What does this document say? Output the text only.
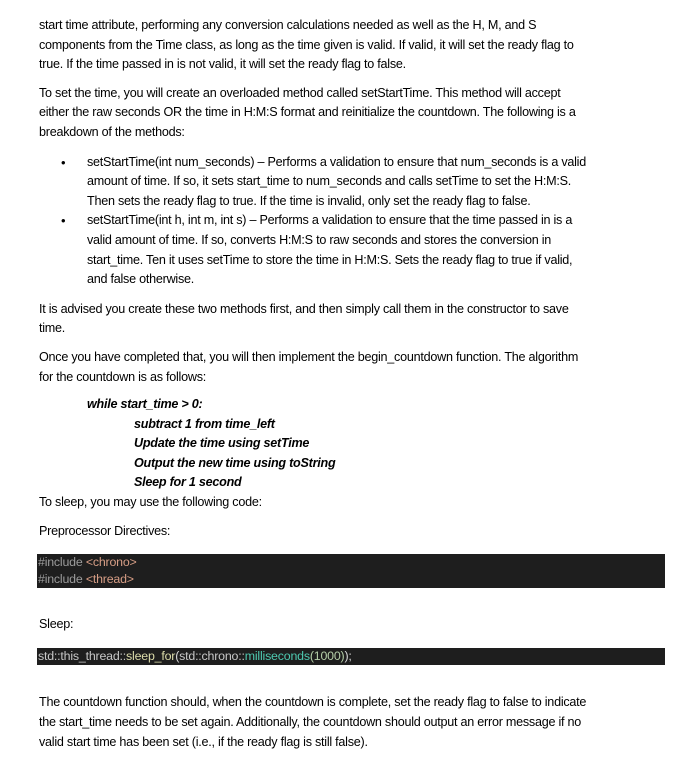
start time attribute, performing any conversion calculations needed as well as the H, M, and S
components from the Time class, as long as the time given is valid. If valid, it will set the ready flag to
true. If the time passed in is not valid, it will set the ready flag to false.

To set the time, you will create an overloaded method called setStartTime. This method will accept
either the raw seconds OR the time in H:M:S format and reinitialize the countdown. The following is a
breakdown of the methods:

• setStartTime(int num_seconds) – Performs a validation to ensure that num_seconds is a valid
amount of time. If so, it sets start_time to num_seconds and calls setTime to set the H:M:S.
Then sets the ready flag to true. If the time is invalid, only set the ready flag to false.
• setStartTime(int h, int m, int s) – Performs a validation to ensure that the time passed in is a
valid amount of time. If so, converts H:M:S to raw seconds and stores the conversion in
start_time. Ten it uses setTime to store the time in H:M:S. Sets the ready flag to true if valid,
and false otherwise.

It is advised you create these two methods first, and then simply call them in the constructor to save
time.

Once you have completed that, you will then implement the begin_countdown function. The algorithm
for the countdown is as follows:

while start_time > 0:
subtract 1 from time_left
Update the time using setTime
Output the new time using toString
Sleep for 1 second

To sleep, you may use the following code:

Preprocessor Directives:

#include <chrono>
#include <thread>

Sleep:

std::this_thread::sleep_for(std::chrono::milliseconds(1000));

The countdown function should, when the countdown is complete, set the ready flag to false to indicate
the start_time needs to be set again. Additionally, the countdown should output an error message if no
valid start time has been set (i.e., if the ready flag is still false).
